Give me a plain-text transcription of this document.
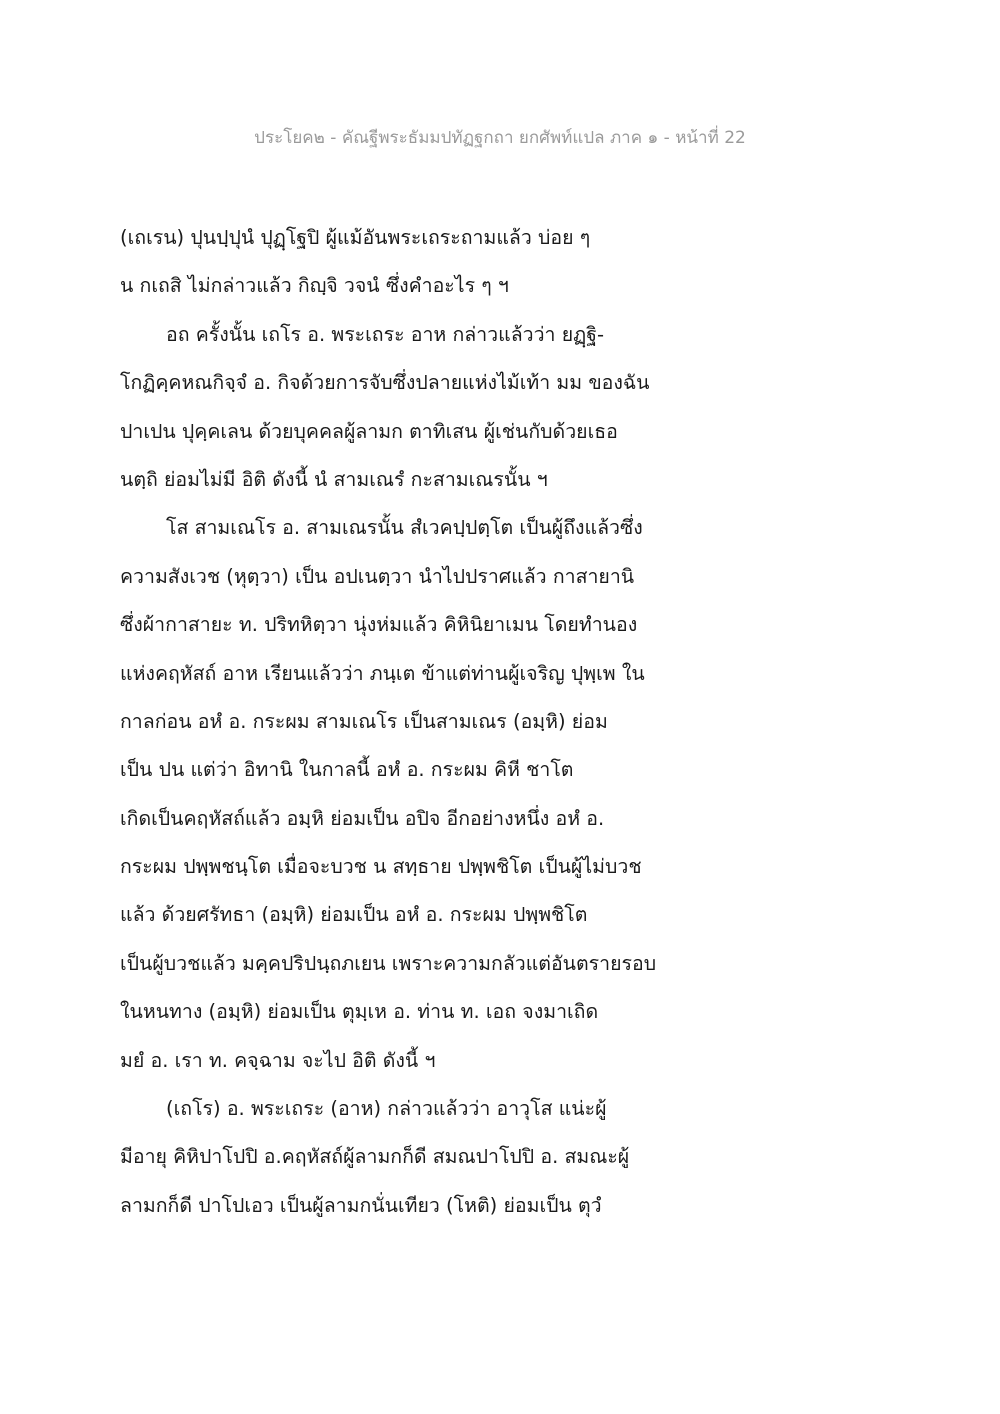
ประโยค๒ - คัณฐีพระธัมมปทัฏฐกถา ยกศัพท์แปล ภาค ๑ - หน้าที่ 22
(เถเรน) ปุนปฺปุนํ ปุฏฺโฐปิ ผู้แม้อันพระเถระถามแล้ว บ่อย ๆ
น กเถสิ ไม่กล่าวแล้ว กิญฺจิ วจนํ ซึ่งคำอะไร ๆ ฯ
อถ ครั้งนั้น เถโร อ. พระเถระ อาห กล่าวแล้วว่า ยฏฺฐิ-
โกฏิคฺคหณกิจฺจํ อ. กิจด้วยการจับซึ่งปลายแห่งไม้เท้า มม ของฉัน
ปาเปน ปุคฺคเลน ด้วยบุคคลผู้ลามก ตาทิเสน ผู้เช่นกับด้วยเธอ
นตฺถิ ย่อมไม่มี อิติ ดังนี้ นํ สามเณรํ กะสามเณรนั้น ฯ
โส สามเณโร อ. สามเณรนั้น สํเวคปฺปตฺโต เป็นผู้ถึงแล้วซึ่ง
ความสังเวช (หุตฺวา) เป็น อปเนตฺวา นำไปปราศแล้ว กาสายานิ
ซึ่งผ้ากาสายะ ท. ปริทหิตฺวา นุ่งห่มแล้ว คิหินิยาเมน โดยทำนอง
แห่งคฤหัสถ์ อาห เรียนแล้วว่า ภนฺเต ข้าแต่ท่านผู้เจริญ ปุพฺเพ ใน
กาลก่อน อหํ อ. กระผม สามเณโร เป็นสามเณร (อมฺหิ) ย่อม
เป็น ปน แต่ว่า อิทานิ ในกาลนี้ อหํ อ. กระผม คิหี ชาโต
เกิดเป็นคฤหัสถ์แล้ว อมฺหิ ย่อมเป็น อปิจ อีกอย่างหนึ่ง อหํ อ.
กระผม ปพฺพชนฺโต เมื่อจะบวช น สทฺธาย ปพฺพชิโต เป็นผู้ไม่บวช
แล้ว ด้วยศรัทธา (อมฺหิ) ย่อมเป็น อหํ อ. กระผม ปพฺพชิโต
เป็นผู้บวชแล้ว มคฺคปริปนฺถภเยน เพราะความกลัวแต่อันตรายรอบ
ในหนทาง (อมฺหิ) ย่อมเป็น ตุมฺเห อ. ท่าน ท. เอถ จงมาเถิด
มยํ อ. เรา ท. คจฺฉาม จะไป อิติ ดังนี้ ฯ
(เถโร) อ. พระเถระ (อาห) กล่าวแล้วว่า อาวุโส แน่ะผู้
มีอายุ คิหิปาโปปิ อ.คฤหัสถ์ผู้ลามกก็ดี สมณปาโปปิ อ. สมณะผู้
ลามกก็ดี ปาโปเอว เป็นผู้ลามกนั่นเทียว (โหติ) ย่อมเป็น ตุวํ
